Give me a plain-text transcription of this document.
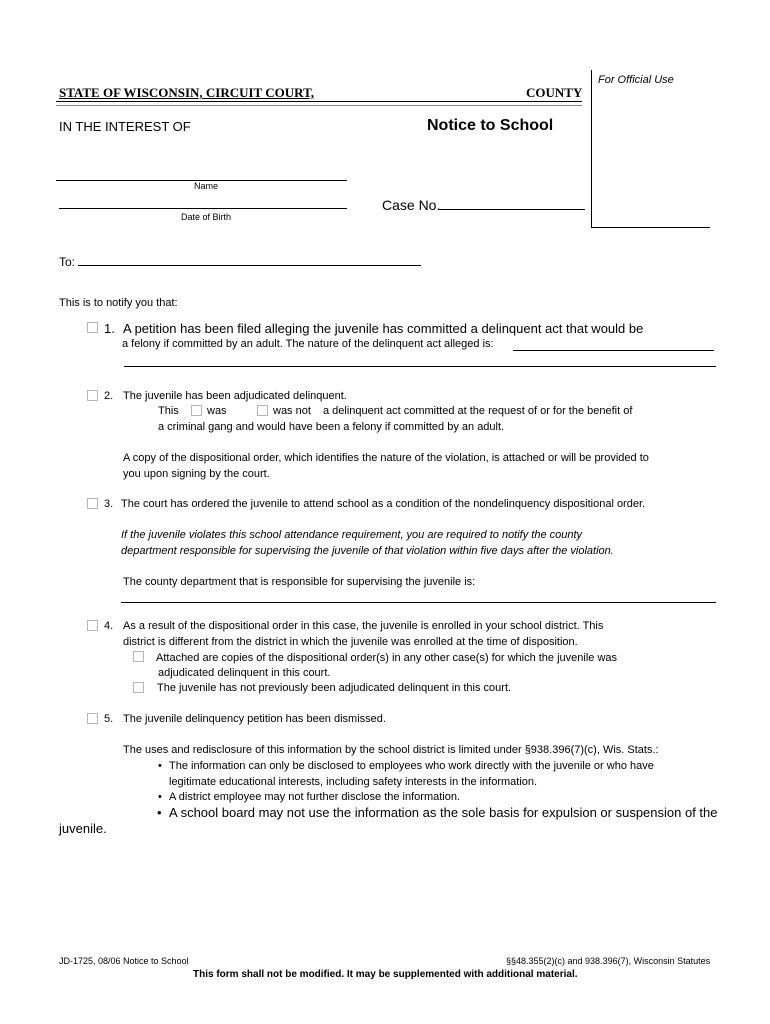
For Official Use
STATE OF WISCONSIN, CIRCUIT COURT,	COUNTY
IN THE INTEREST OF	Notice to School
Name
Date of Birth
Case No.
To:
This is to notify you that:
1. A petition has been filed alleging the juvenile has committed a delinquent act that would be
a felony if committed by an adult. The nature of the delinquent act alleged is:
2. The juvenile has been adjudicated delinquent.
This	was	was not a delinquent act committed at the request of or for the benefit of
a criminal gang and would have been a felony if committed by an adult.
A copy of the dispositional order, which identifies the nature of the violation, is attached or will be provided to
you upon signing by the court.
3. The court has ordered the juvenile to attend school as a condition of the nondelinquency dispositional order.
If the juvenile violates this school attendance requirement, you are required to notify the county
department responsible for supervising the juvenile of that violation within five days after the violation.
The county department that is responsible for supervising the juvenile is:
4. As a result of the dispositional order in this case, the juvenile is enrolled in your school district. This
district is different from the district in which the juvenile was enrolled at the time of disposition.
Attached are copies of the dispositional order(s) in any other case(s) for which the juvenile was
adjudicated delinquent in this court.
The juvenile has not previously been adjudicated delinquent in this court.
5. The juvenile delinquency petition has been dismissed.
The uses and redisclosure of this information by the school district is limited under §938.396(7)(c), Wis. Stats.:
• The information can only be disclosed to employees who work directly with the juvenile or who have
legitimate educational interests, including safety interests in the information.
• A district employee may not further disclose the information.
• A school board may not use the information as the sole basis for expulsion or suspension of the
juvenile.
JD-1725, 08/06 Notice to School	§§48.355(2)(c) and 938.396(7), Wisconsin Statutes
This form shall not be modified. It may be supplemented with additional material.
